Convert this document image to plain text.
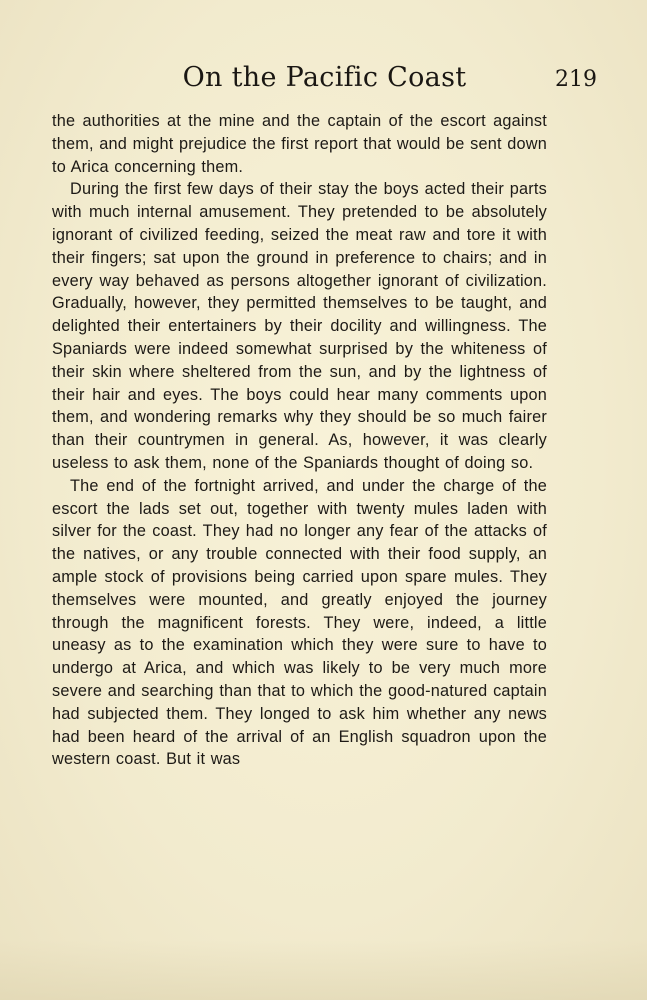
On the Pacific Coast	219

the authorities at the mine and the captain of the escort against them, and might prejudice the first report that would be sent down to Arica concerning them.

During the first few days of their stay the boys acted their parts with much internal amusement. They pretended to be absolutely ignorant of civilized feeding, seized the meat raw and tore it with their fingers; sat upon the ground in preference to chairs; and in every way behaved as persons altogether ignorant of civilization. Gradually, however, they permitted themselves to be taught, and delighted their entertainers by their docility and willingness. The Spaniards were indeed somewhat surprised by the whiteness of their skin where sheltered from the sun, and by the lightness of their hair and eyes. The boys could hear many comments upon them, and wondering remarks why they should be so much fairer than their countrymen in general. As, however, it was clearly useless to ask them, none of the Spaniards thought of doing so.

The end of the fortnight arrived, and under the charge of the escort the lads set out, together with twenty mules laden with silver for the coast. They had no longer any fear of the attacks of the natives, or any trouble connected with their food supply, an ample stock of provisions being carried upon spare mules. They themselves were mounted, and greatly enjoyed the journey through the magnificent forests. They were, indeed, a little uneasy as to the examination which they were sure to have to undergo at Arica, and which was likely to be very much more severe and searching than that to which the good-natured captain had subjected them. They longed to ask him whether any news had been heard of the arrival of an English squadron upon the western coast. But it was
